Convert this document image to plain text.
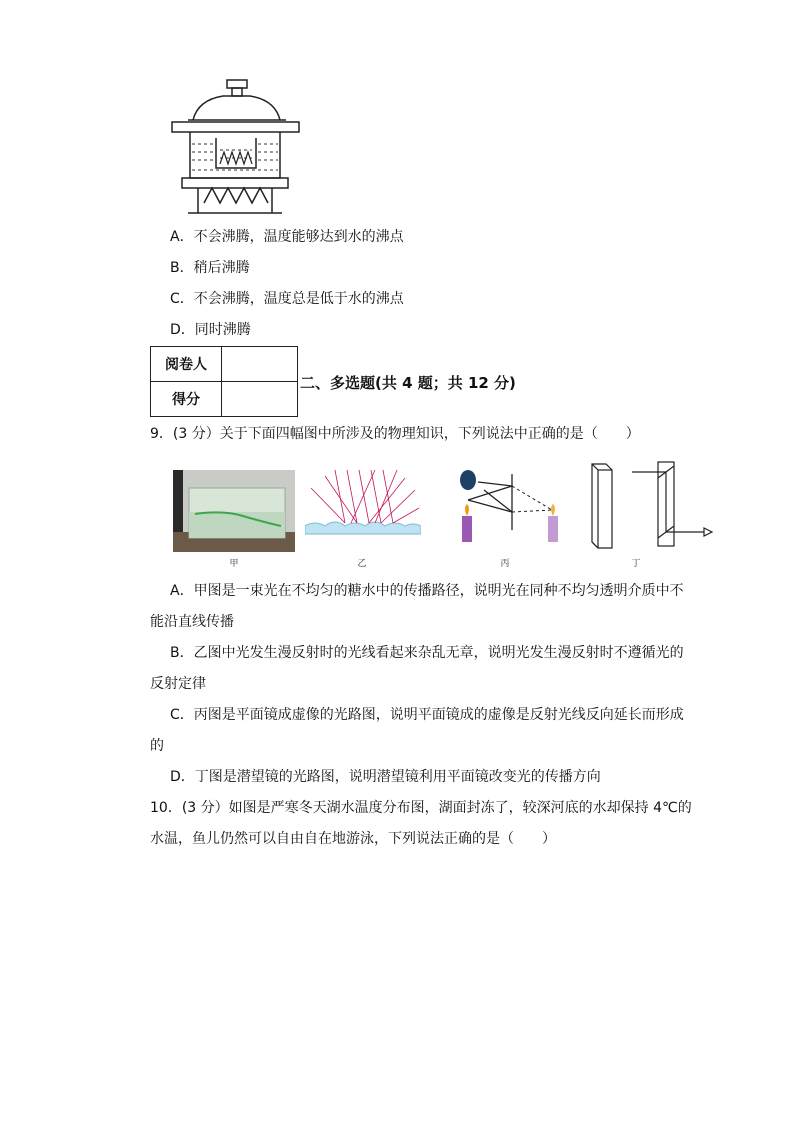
A．不会沸腾，温度能够达到水的沸点
B．稍后沸腾
C．不会沸腾，温度总是低于水的沸点
D．同时沸腾
阅卷人	
得分	
二、多选题(共 4 题；共 12 分)
9．(3 分）关于下面四幅图中所涉及的物理知识，下列说法中正确的是（　　）
甲	乙	丙	丁
A．甲图是一束光在不均匀的糖水中的传播路径，说明光在同种不均匀透明介质中不
能沿直线传播
B．乙图中光发生漫反射时的光线看起来杂乱无章，说明光发生漫反射时不遵循光的
反射定律
C．丙图是平面镜成虚像的光路图，说明平面镜成的虚像是反射光线反向延长而形成
的
D．丁图是潜望镜的光路图，说明潜望镜利用平面镜改变光的传播方向
10．(3 分）如图是严寒冬天湖水温度分布图，湖面封冻了，较深河底的水却保持 4℃的
水温，鱼儿仍然可以自由自在地游泳，下列说法正确的是（　　）
